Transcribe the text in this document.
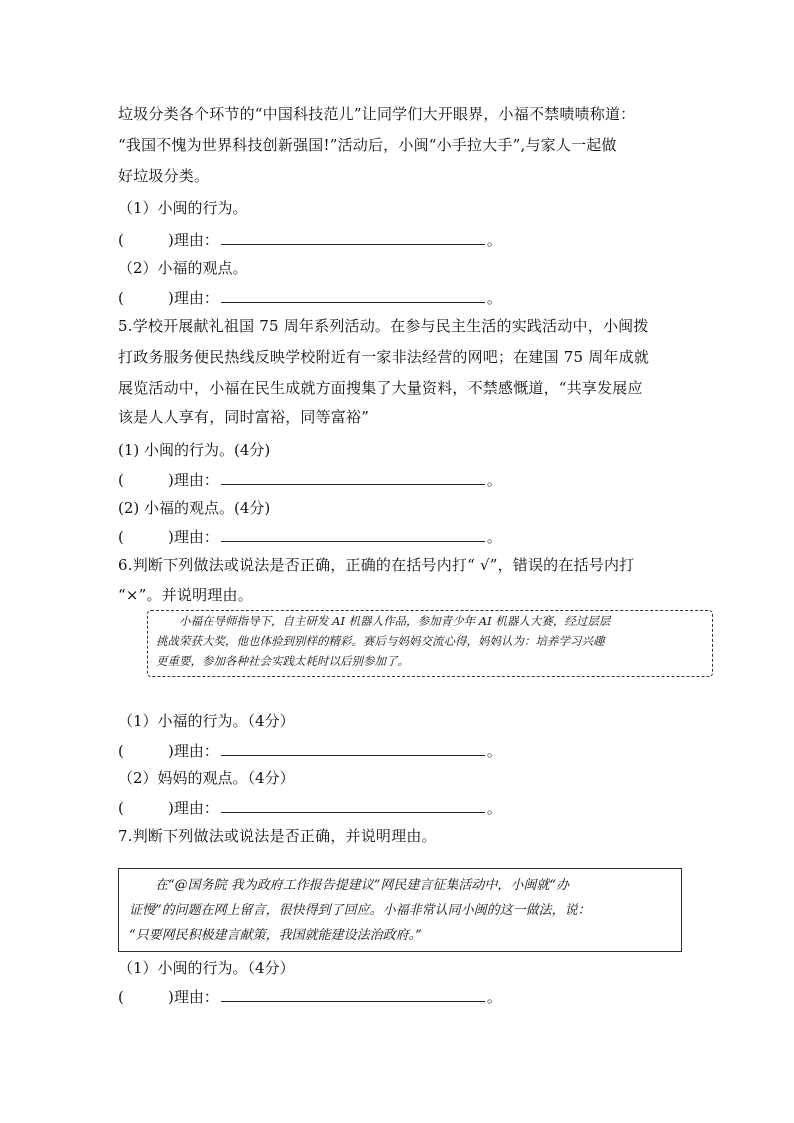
垃圾分类各个环节的“中国科技范儿”让同学们大开眼界，小福不禁啧啧称道：
“我国不愧为世界科技创新强国!”活动后，小闽“小手拉大手”,与家人一起做
好垃圾分类。
（1）小闽的行为。
(	)理由：	。
（2）小福的观点。
(	)理由：	。
5.学校开展献礼祖国 75 周年系列活动。在参与民主生活的实践活动中，小闽拨
打政务服务便民热线反映学校附近有一家非法经营的网吧；在建国 75 周年成就
展览活动中，小福在民生成就方面搜集了大量资料，不禁感慨道，“共享发展应
该是人人享有，同时富裕，同等富裕”
(1) 小闽的行为。(4分)
(	)理由：	。
(2) 小福的观点。(4分)
(	)理由：	。
6.判断下列做法或说法是否正确，正确的在括号内打“ √”，错误的在括号内打
“×”。并说明理由。

　　小福在导师指导下，自主研发 AI 机器人作品，参加青少年 AI 机器人大赛，经过层层

挑战荣获大奖，他也体验到别样的精彩。赛后与妈妈交流心得，妈妈认为：培养学习兴趣

更重要，参加各种社会实践太耗时以后别参加了。

（1）小福的行为。（4分）
(	)理由：	。
（2）妈妈的观点。（4分）
(	)理由：	。
7.判断下列做法或说法是否正确，并说明理由。

　　在“@国务院 我为政府工作报告提建议”网民建言征集活动中，小闽就“办

证慢”的问题在网上留言，很快得到了回应。小福非常认同小闽的这一做法，说：

“只要网民积极建言献策，我国就能建设法治政府。”

（1）小闽的行为。（4分）
(	)理由：	。
